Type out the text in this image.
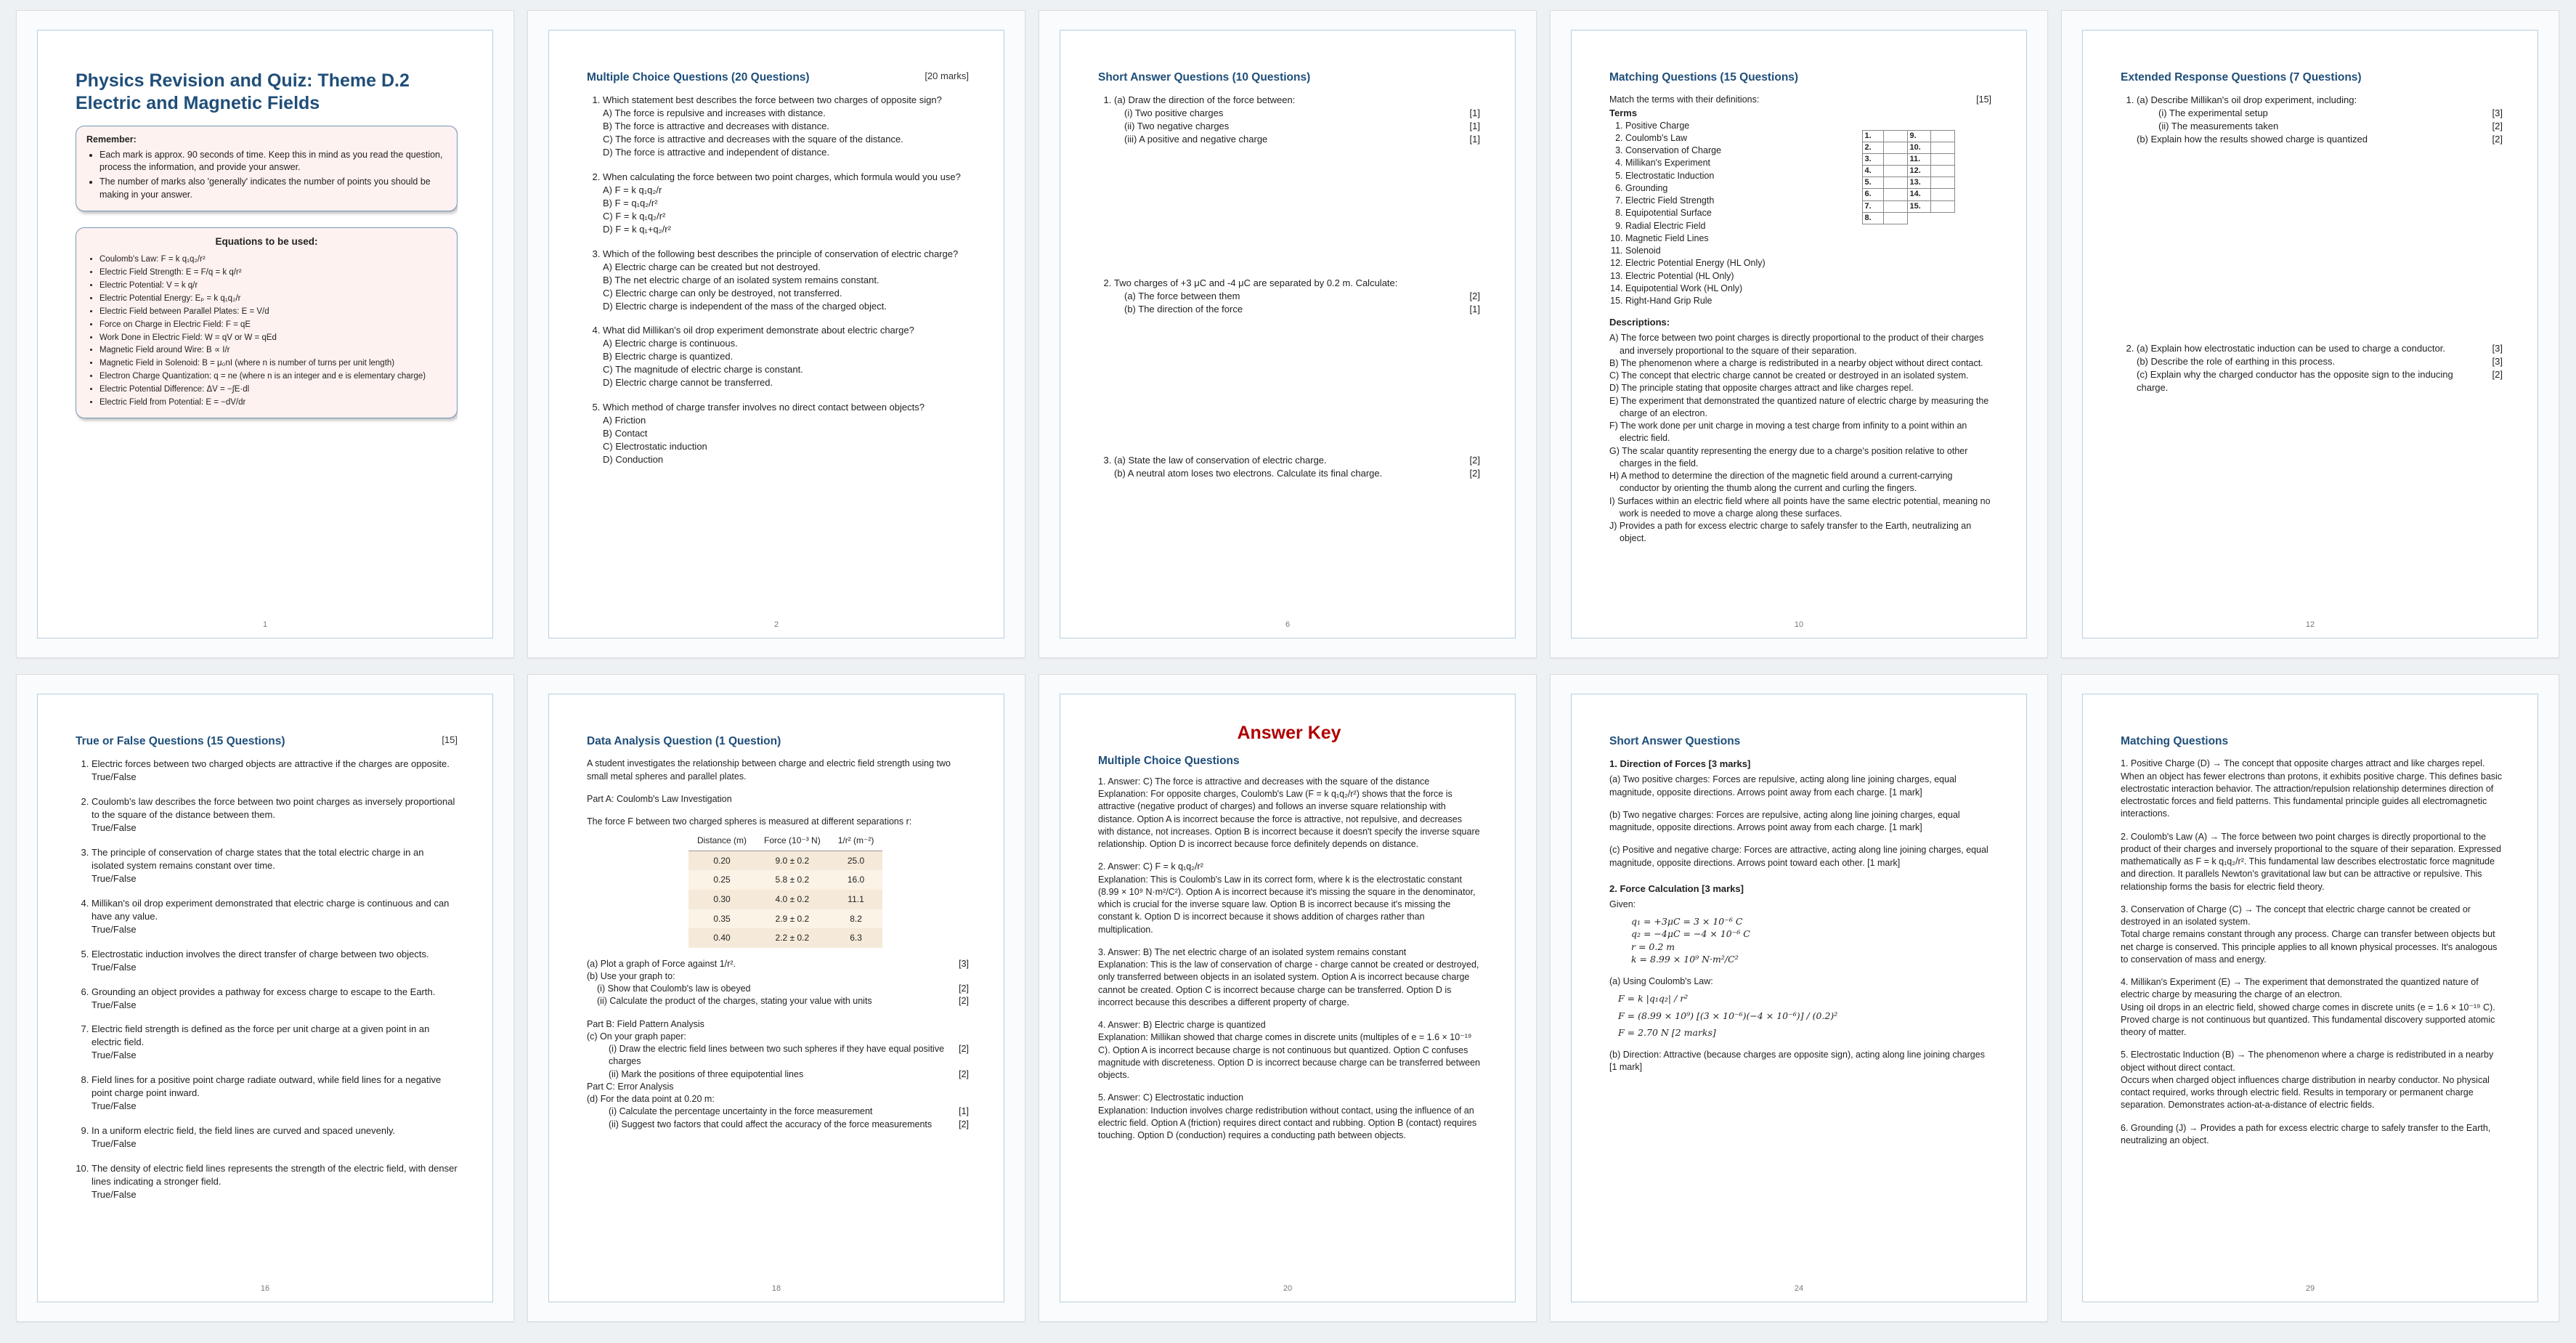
Physics Revision and Quiz: Theme D.2 Electric and Magnetic Fields
Remember:
• Each mark is approx. 90 seconds of time. Keep this in mind as you read the question, process the information, and provide your answer.
• The number of marks also 'generally' indicates the number of points you should be making in your answer.
Equations to be used:
• Coulomb's Law: F = k q₁q₂/r²
• Electric Field Strength: E = F/q = k q/r²
• Electric Potential: V = k q/r
• Electric Potential Energy: Eₚ = k q₁q₂/r
• Electric Field between Parallel Plates: E = V/d
• Force on Charge in Electric Field: F = qE
• Work Done in Electric Field: W = qV or W = qEd
• Magnetic Field around Wire: B ∝ I/r
• Magnetic Field in Solenoid: B = μ₀nI (where n is number of turns per unit length)
• Electron Charge Quantization: q = ne (where n is an integer and e is elementary charge)
• Electric Potential Difference: ΔV = −∫E·dl
• Electric Field from Potential: E = −dV/dr
1
Multiple Choice Questions (20 Questions)	[20 marks]
1. Which statement best describes the force between two charges of opposite sign?
A) The force is repulsive and increases with distance.
B) The force is attractive and decreases with distance.
C) The force is attractive and decreases with the square of the distance.
D) The force is attractive and independent of distance.
2. When calculating the force between two point charges, which formula would you use?
A) F = k q₁q₂/r
B) F = q₁q₂/r²
C) F = k q₁q₂/r²
D) F = k q₁+q₂/r²
3. Which of the following best describes the principle of conservation of electric charge?
A) Electric charge can be created but not destroyed.
B) The net electric charge of an isolated system remains constant.
C) Electric charge can only be destroyed, not transferred.
D) Electric charge is independent of the mass of the charged object.
4. What did Millikan's oil drop experiment demonstrate about electric charge?
A) Electric charge is continuous.
B) Electric charge is quantized.
C) The magnitude of electric charge is constant.
D) Electric charge cannot be transferred.
5. Which method of charge transfer involves no direct contact between objects?
A) Friction
B) Contact
C) Electrostatic induction
D) Conduction
2
Short Answer Questions (10 Questions)
1. (a) Draw the direction of the force between:
(i) Two positive charges	[1]
(ii) Two negative charges	[1]
(iii) A positive and negative charge	[1]
2. Two charges of +3 μC and -4 μC are separated by 0.2 m. Calculate:
(a) The force between them	[2]
(b) The direction of the force	[1]
3. (a) State the law of conservation of electric charge.	[2]
(b) A neutral atom loses two electrons. Calculate its final charge.	[2]
6
Matching Questions (15 Questions)
Match the terms with their definitions:	[15]
Terms
1. Positive Charge
2. Coulomb's Law
3. Conservation of Charge
4. Millikan's Experiment
5. Electrostatic Induction
6. Grounding
7. Electric Field Strength
8. Equipotential Surface
9. Radial Electric Field
10. Magnetic Field Lines
11. Solenoid
12. Electric Potential Energy (HL Only)
13. Electric Potential (HL Only)
14. Equipotential Work (HL Only)
15. Right-Hand Grip Rule
1.		9.	
2.		10.	
3.		11.	
4.		12.	
5.		13.	
6.		14.	
7.		15.	
8.			
Descriptions:
A) The force between two point charges is directly proportional to the product of their charges and inversely proportional to the square of their separation.
B) The phenomenon where a charge is redistributed in a nearby object without direct contact.
C) The concept that electric charge cannot be created or destroyed in an isolated system.
D) The principle stating that opposite charges attract and like charges repel.
E) The experiment that demonstrated the quantized nature of electric charge by measuring the charge of an electron.
F) The work done per unit charge in moving a test charge from infinity to a point within an electric field.
G) The scalar quantity representing the energy due to a charge's position relative to other charges in the field.
H) A method to determine the direction of the magnetic field around a current-carrying conductor by orienting the thumb along the current and curling the fingers.
I) Surfaces within an electric field where all points have the same electric potential, meaning no work is needed to move a charge along these surfaces.
J) Provides a path for excess electric charge to safely transfer to the Earth, neutralizing an object.
10
Extended Response Questions (7 Questions)
1. (a) Describe Millikan's oil drop experiment, including:
(i) The experimental setup	[3]
(ii) The measurements taken	[2]
(b) Explain how the results showed charge is quantized	[2]
2. (a) Explain how electrostatic induction can be used to charge a conductor.	[3]
(b) Describe the role of earthing in this process.	[3]
(c) Explain why the charged conductor has the opposite sign to the inducing charge.
[2]
12
True or False Questions (15 Questions)	[15]
1. Electric forces between two charged objects are attractive if the charges are opposite.
True/False
2. Coulomb's law describes the force between two point charges as inversely proportional to the square of the distance between them.
True/False
3. The principle of conservation of charge states that the total electric charge in an isolated system remains constant over time.
True/False
4. Millikan's oil drop experiment demonstrated that electric charge is continuous and can have any value.
True/False
5. Electrostatic induction involves the direct transfer of charge between two objects.
True/False
6. Grounding an object provides a pathway for excess charge to escape to the Earth.
True/False
7. Electric field strength is defined as the force per unit charge at a given point in an electric field.
True/False
8. Field lines for a positive point charge radiate outward, while field lines for a negative point charge point inward.
True/False
9. In a uniform electric field, the field lines are curved and spaced unevenly.
True/False
10. The density of electric field lines represents the strength of the electric field, with denser lines indicating a stronger field.
True/False
16
Data Analysis Question (1 Question)
A student investigates the relationship between charge and electric field strength using two small metal spheres and parallel plates.
Part A: Coulomb's Law Investigation
The force F between two charged spheres is measured at different separations r:
Distance (m)	Force (10⁻³ N)	1/r² (m⁻²)
0.20	9.0 ± 0.2	25.0
0.25	5.8 ± 0.2	16.0
0.30	4.0 ± 0.2	11.1
0.35	2.9 ± 0.2	8.2
0.40	2.2 ± 0.2	6.3
(a) Plot a graph of Force against 1/r².	[3]
(b) Use your graph to:
(i) Show that Coulomb's law is obeyed	[2]
(ii) Calculate the product of the charges, stating your value with units	[2]
Part B: Field Pattern Analysis
(c) On your graph paper:
(i) Draw the electric field lines between two such spheres if they have equal positive charges
[2]
(ii) Mark the positions of three equipotential lines	[2]
Part C: Error Analysis
(d) For the data point at 0.20 m:
(i) Calculate the percentage uncertainty in the force measurement	[1]
(ii) Suggest two factors that could affect the accuracy of the force measurements	[2]
18
Answer Key
Multiple Choice Questions
1. Answer: C) The force is attractive and decreases with the square of the distance
Explanation: For opposite charges, Coulomb's Law (F = k q₁q₂/r²) shows that the force is attractive (negative product of charges) and follows an inverse square relationship with distance. Option A is incorrect because the force is attractive, not repulsive, and decreases with distance, not increases. Option B is incorrect because it doesn't specify the inverse square relationship. Option D is incorrect because force definitely depends on distance.
2. Answer: C) F = k q₁q₂/r²
Explanation: This is Coulomb's Law in its correct form, where k is the electrostatic constant (8.99 × 10⁹ N·m²/C²). Option A is incorrect because it's missing the square in the denominator, which is crucial for the inverse square law. Option B is incorrect because it's missing the constant k. Option D is incorrect because it shows addition of charges rather than multiplication.
3. Answer: B) The net electric charge of an isolated system remains constant
Explanation: This is the law of conservation of charge - charge cannot be created or destroyed, only transferred between objects in an isolated system. Option A is incorrect because charge cannot be created. Option C is incorrect because charge can be transferred. Option D is incorrect because this describes a different property of charge.
4. Answer: B) Electric charge is quantized
Explanation: Millikan showed that charge comes in discrete units (multiples of e = 1.6 × 10⁻¹⁹ C). Option A is incorrect because charge is not continuous but quantized. Option C confuses magnitude with discreteness. Option D is incorrect because charge can be transferred between objects.
5. Answer: C) Electrostatic induction
Explanation: Induction involves charge redistribution without contact, using the influence of an electric field. Option A (friction) requires direct contact and rubbing. Option B (contact) requires touching. Option D (conduction) requires a conducting path between objects.
20
Short Answer Questions
1. Direction of Forces [3 marks]
(a) Two positive charges: Forces are repulsive, acting along line joining charges, equal magnitude, opposite directions. Arrows point away from each charge. [1 mark]
(b) Two negative charges: Forces are repulsive, acting along line joining charges, equal magnitude, opposite directions. Arrows point away from each charge. [1 mark]
(c) Positive and negative charge: Forces are attractive, acting along line joining charges, equal magnitude, opposite directions. Arrows point toward each other. [1 mark]
2. Force Calculation [3 marks]
Given:
q₁ = +3μC = 3 × 10⁻⁶ C
q₂ = −4μC = −4 × 10⁻⁶ C
r = 0.2 m
k = 8.99 × 10⁹ N·m²/C²
(a) Using Coulomb's Law:
F = k |q₁q₂| / r²
F = (8.99 × 10⁹) [(3 × 10⁻⁶)(−4 × 10⁻⁶)] / (0.2)²
F = 2.70 N [2 marks]
(b) Direction: Attractive (because charges are opposite sign), acting along line joining charges [1 mark]
24
Matching Questions
1. Positive Charge (D) → The concept that opposite charges attract and like charges repel.
When an object has fewer electrons than protons, it exhibits positive charge. This defines basic electrostatic interaction behavior. The attraction/repulsion relationship determines direction of electrostatic forces and field patterns. This fundamental principle guides all electromagnetic interactions.
2. Coulomb's Law (A) → The force between two point charges is directly proportional to the product of their charges and inversely proportional to the square of their separation. Expressed mathematically as F = k q₁q₂/r². This fundamental law describes electrostatic force magnitude and direction. It parallels Newton's gravitational law but can be attractive or repulsive. This relationship forms the basis for electric field theory.
3. Conservation of Charge (C) → The concept that electric charge cannot be created or destroyed in an isolated system.
Total charge remains constant through any process. Charge can transfer between objects but net charge is conserved. This principle applies to all known physical processes. It's analogous to conservation of mass and energy.
4. Millikan's Experiment (E) → The experiment that demonstrated the quantized nature of electric charge by measuring the charge of an electron.
Using oil drops in an electric field, showed charge comes in discrete units (e = 1.6 × 10⁻¹⁹ C). Proved charge is not continuous but quantized. This fundamental discovery supported atomic theory of matter.
5. Electrostatic Induction (B) → The phenomenon where a charge is redistributed in a nearby object without direct contact.
Occurs when charged object influences charge distribution in nearby conductor. No physical contact required, works through electric field. Results in temporary or permanent charge separation. Demonstrates action-at-a-distance of electric fields.
6. Grounding (J) → Provides a path for excess electric charge to safely transfer to the Earth, neutralizing an object.
29
